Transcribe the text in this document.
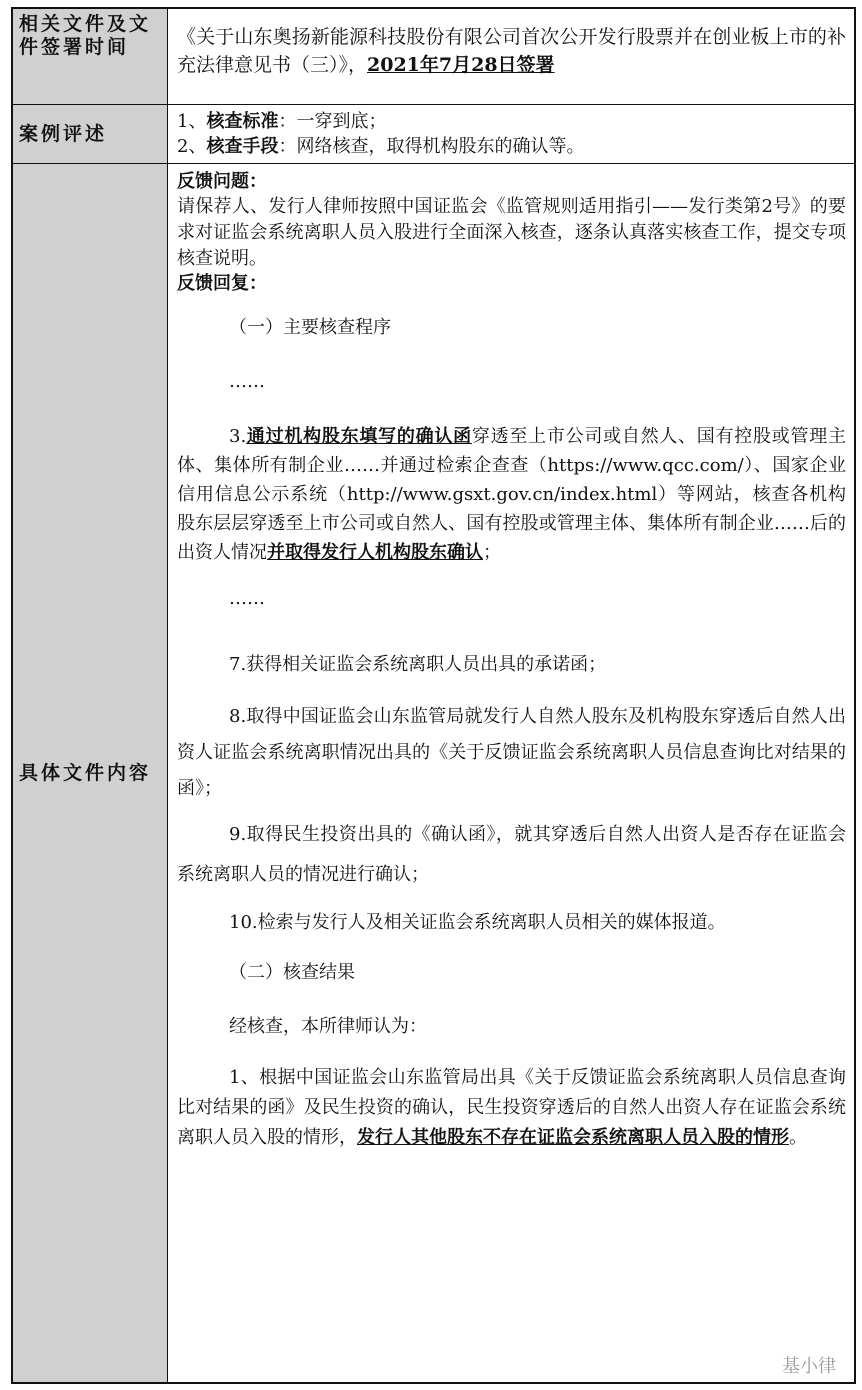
相关文件及文件签署时间	《关于山东奥扬新能源科技股份有限公司首次公开发行股票并在创业板上市的补充法律意见书（三）》，2021年7月28日签署

案例评述

1、核查标准：一穿到底；

2、核查手段：网络核查，取得机构股东的确认等。

具体文件内容

反馈问题：

请保荐人、发行人律师按照中国证监会《监管规则适用指引——发行类第2号》的要求对证监会系统离职人员入股进行全面深入核查，逐条认真落实核查工作，提交专项核查说明。

反馈回复：

（一）主要核查程序

……

3.通过机构股东填写的确认函穿透至上市公司或自然人、国有控股或管理主体、集体所有制企业……并通过检索企查查（https://www.qcc.com/）、国家企业信用信息公示系统（http://www.gsxt.gov.cn/index.html）等网站，核查各机构股东层层穿透至上市公司或自然人、国有控股或管理主体、集体所有制企业……后的出资人情况并取得发行人机构股东确认；

……

7.获得相关证监会系统离职人员出具的承诺函；

8.取得中国证监会山东监管局就发行人自然人股东及机构股东穿透后自然人出资人证监会系统离职情况出具的《关于反馈证监会系统离职人员信息查询比对结果的函》；

9.取得民生投资出具的《确认函》，就其穿透后自然人出资人是否存在证监会系统离职人员的情况进行确认；

10.检索与发行人及相关证监会系统离职人员相关的媒体报道。

（二）核查结果

经核查，本所律师认为：

1、根据中国证监会山东监管局出具《关于反馈证监会系统离职人员信息查询比对结果的函》及民生投资的确认，民生投资穿透后的自然人出资人存在证监会系统离职人员入股的情形，发行人其他股东不存在证监会系统离职人员入股的情形。

基小律
